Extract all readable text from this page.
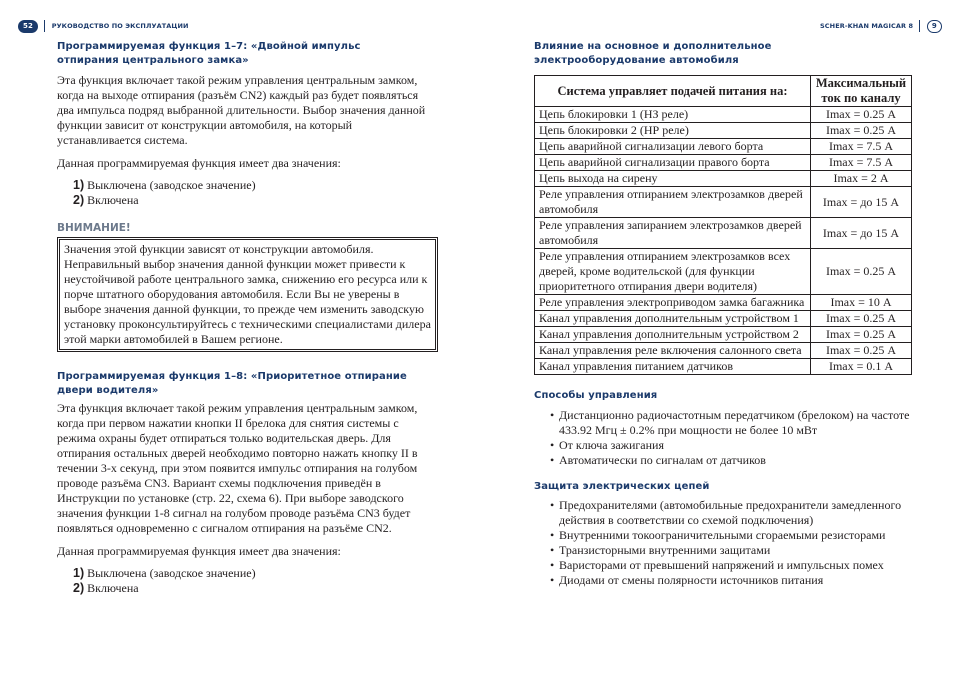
52	РУКОВОДСТВО ПО ЭКСПЛУАТАЦИИ	SCHER-KHAN MAGICAR 8	9
Программируемая функция 1–7: «Двойной импульс отпирания центрального замка»

Эта функция включает такой режим управления центральным замком, когда на выходе отпирания (разъём CN2) каждый раз будет появляться два импульса подряд выбранной длительности. Выбор значения данной функции зависит от конструкции автомобиля, на который устанавливается система.

Данная программируемая функция имеет два значения:

1) Выключена (заводское значение)
2) Включена
ВНИМАНИЕ!
Значения этой функции зависят от конструкции автомобиля. Неправильный выбор значения данной функции может привести к неустойчивой работе центрального замка, снижению его ресурса или к порче штатного оборудования автомобиля. Если Вы не уверены в выборе значения данной функции, то прежде чем изменить заводскую установку проконсультируйтесь с техническими специалистами дилера этой марки автомобилей в Вашем регионе.
Программируемая функция 1–8: «Приоритетное отпирание двери водителя»

Эта функция включает такой режим управления центральным замком, когда при первом нажатии кнопки II брелока для снятия системы с режима охраны будет отпираться только водительская дверь. Для отпирания остальных дверей необходимо повторно нажать кнопку II в течении 3-х секунд, при этом появится импульс отпирания на голубом проводе разъёма CN3. Вариант схемы подключения приведён в Инструкции по установке (стр. 22, схема 6). При выборе заводского значения функции 1-8 сигнал на голубом проводе разъёма CN3 будет появляться одновременно с сигналом отпирания на разъёме CN2.

Данная программируемая функция имеет два значения:

1) Выключена (заводское значение)
2) Включена
Влияние на основное и дополнительное электрооборудование автомобиля
Система управляет подачей питания на:	Максимальный ток по каналу
Цепь блокировки 1 (НЗ реле)	Imax = 0.25 А
Цепь блокировки 2 (НР реле)	Imax = 0.25 А
Цепь аварийной сигнализации левого борта	Imax = 7.5 А
Цепь аварийной сигнализации правого борта	Imax = 7.5 А
Цепь выхода на сирену	Imax = 2 А
Реле управления отпиранием электрозамков дверей автомобиля	Imax = до 15 А
Реле управления запиранием электрозамков дверей автомобиля	Imax = до 15 А
Реле управления отпиранием электрозамков всех дверей, кроме водительской (для функции приоритетного отпирания двери водителя)	Imax = 0.25 А
Реле управления электроприводом замка багажника	Imax = 10 А
Канал управления дополнительным устройством 1	Imax = 0.25 А
Канал управления дополнительным устройством 2	Imax = 0.25 А
Канал управления реле включения салонного света	Imax = 0.25 А
Канал управления питанием датчиков	Imax = 0.1 А
Способы управления
• Дистанционно радиочастотным передатчиком (брелоком) на частоте 433.92 Мгц ± 0.2% при мощности не более 10 мВт
• От ключа зажигания
• Автоматически по сигналам от датчиков
Защита электрических цепей
• Предохранителями (автомобильные предохранители замедленного действия в соответствии со схемой подключения)
• Внутренними токоограничительными сгораемыми резисторами
• Транзисторными внутренними защитами
• Варисторами от превышений напряжений и импульсных помех
• Диодами от смены полярности источников питания
